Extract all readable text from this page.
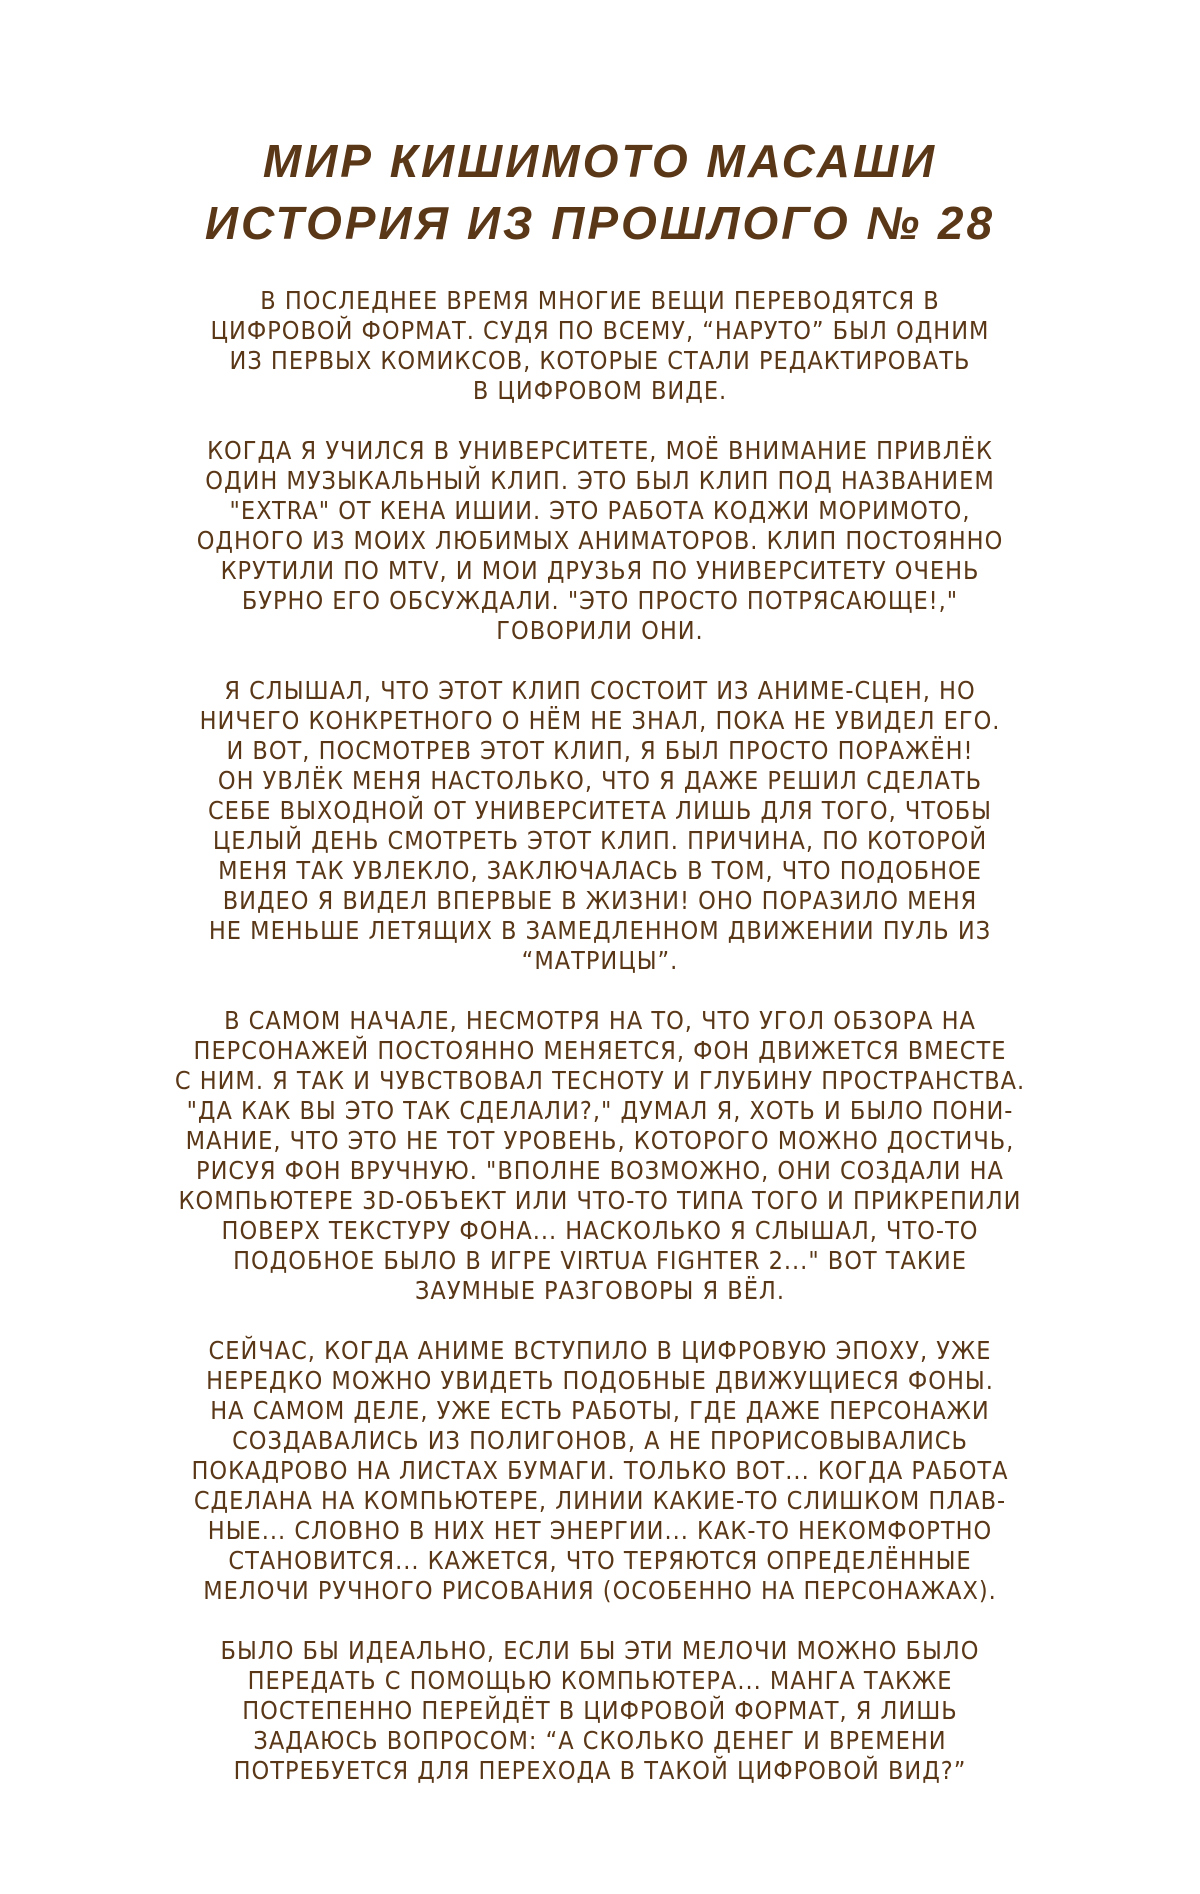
МИР КИШИМОТО МАСАШИ
ИСТОРИЯ ИЗ ПРОШЛОГО № 28
В ПОСЛЕДНЕЕ ВРЕМЯ МНОГИЕ ВЕЩИ ПЕРЕВОДЯТСЯ В
ЦИФРОВОЙ ФОРМАТ. СУДЯ ПО ВСЕМУ, “НАРУТО” БЫЛ ОДНИМ
ИЗ ПЕРВЫХ КОМИКСОВ, КОТОРЫЕ СТАЛИ РЕДАКТИРОВАТЬ
В ЦИФРОВОМ ВИДЕ.
КОГДА Я УЧИЛСЯ В УНИВЕРСИТЕТЕ, МОЁ ВНИМАНИЕ ПРИВЛЁК
ОДИН МУЗЫКАЛЬНЫЙ КЛИП. ЭТО БЫЛ КЛИП ПОД НАЗВАНИЕМ
"EXTRA" ОТ КЕНА ИШИИ. ЭТО РАБОТА КОДЖИ МОРИМОТО,
ОДНОГО ИЗ МОИХ ЛЮБИМЫХ АНИМАТОРОВ. КЛИП ПОСТОЯННО
КРУТИЛИ ПО MTV, И МОИ ДРУЗЬЯ ПО УНИВЕРСИТЕТУ ОЧЕНЬ
БУРНО ЕГО ОБСУЖДАЛИ. "ЭТО ПРОСТО ПОТРЯСАЮЩЕ!,"
ГОВОРИЛИ ОНИ.
Я СЛЫШАЛ, ЧТО ЭТОТ КЛИП СОСТОИТ ИЗ АНИМЕ-СЦЕН, НО
НИЧЕГО КОНКРЕТНОГО О НЁМ НЕ ЗНАЛ, ПОКА НЕ УВИДЕЛ ЕГО.
И ВОТ, ПОСМОТРЕВ ЭТОТ КЛИП, Я БЫЛ ПРОСТО ПОРАЖЁН!
ОН УВЛЁК МЕНЯ НАСТОЛЬКО, ЧТО Я ДАЖЕ РЕШИЛ СДЕЛАТЬ
СЕБЕ ВЫХОДНОЙ ОТ УНИВЕРСИТЕТА ЛИШЬ ДЛЯ ТОГО, ЧТОБЫ
ЦЕЛЫЙ ДЕНЬ СМОТРЕТЬ ЭТОТ КЛИП. ПРИЧИНА, ПО КОТОРОЙ
МЕНЯ ТАК УВЛЕКЛО, ЗАКЛЮЧАЛАСЬ В ТОМ, ЧТО ПОДОБНОЕ
ВИДЕО Я ВИДЕЛ ВПЕРВЫЕ В ЖИЗНИ! ОНО ПОРАЗИЛО МЕНЯ
НЕ МЕНЬШЕ ЛЕТЯЩИХ В ЗАМЕДЛЕННОМ ДВИЖЕНИИ ПУЛЬ ИЗ
“МАТРИЦЫ”.
В САМОМ НАЧАЛЕ, НЕСМОТРЯ НА ТО, ЧТО УГОЛ ОБЗОРА НА
ПЕРСОНАЖЕЙ ПОСТОЯННО МЕНЯЕТСЯ, ФОН ДВИЖЕТСЯ ВМЕСТЕ
С НИМ. Я ТАК И ЧУВСТВОВАЛ ТЕСНОТУ И ГЛУБИНУ ПРОСТРАНСТВА.
"ДА КАК ВЫ ЭТО ТАК СДЕЛАЛИ?," ДУМАЛ Я, ХОТЬ И БЫЛО ПОНИ-
МАНИЕ, ЧТО ЭТО НЕ ТОТ УРОВЕНЬ, КОТОРОГО МОЖНО ДОСТИЧЬ,
РИСУЯ ФОН ВРУЧНУЮ. "ВПОЛНЕ ВОЗМОЖНО, ОНИ СОЗДАЛИ НА
КОМПЬЮТЕРЕ 3D-ОБЪЕКТ ИЛИ ЧТО-ТО ТИПА ТОГО И ПРИКРЕПИЛИ
ПОВЕРХ ТЕКСТУРУ ФОНА... НАСКОЛЬКО Я СЛЫШАЛ, ЧТО-ТО
ПОДОБНОЕ БЫЛО В ИГРЕ VIRTUA FIGHTER 2..." ВОТ ТАКИЕ
ЗАУМНЫЕ РАЗГОВОРЫ Я ВЁЛ.
СЕЙЧАС, КОГДА АНИМЕ ВСТУПИЛО В ЦИФРОВУЮ ЭПОХУ, УЖЕ
НЕРЕДКО МОЖНО УВИДЕТЬ ПОДОБНЫЕ ДВИЖУЩИЕСЯ ФОНЫ.
НА САМОМ ДЕЛЕ, УЖЕ ЕСТЬ РАБОТЫ, ГДЕ ДАЖЕ ПЕРСОНАЖИ
СОЗДАВАЛИСЬ ИЗ ПОЛИГОНОВ, А НЕ ПРОРИСОВЫВАЛИСЬ
ПОКАДРОВО НА ЛИСТАХ БУМАГИ. ТОЛЬКО ВОТ... КОГДА РАБОТА
СДЕЛАНА НА КОМПЬЮТЕРЕ, ЛИНИИ КАКИЕ-ТО СЛИШКОМ ПЛАВ-
НЫЕ... СЛОВНО В НИХ НЕТ ЭНЕРГИИ... КАК-ТО НЕКОМФОРТНО
СТАНОВИТСЯ... КАЖЕТСЯ, ЧТО ТЕРЯЮТСЯ ОПРЕДЕЛЁННЫЕ
МЕЛОЧИ РУЧНОГО РИСОВАНИЯ (ОСОБЕННО НА ПЕРСОНАЖАХ).
БЫЛО БЫ ИДЕАЛЬНО, ЕСЛИ БЫ ЭТИ МЕЛОЧИ МОЖНО БЫЛО
ПЕРЕДАТЬ С ПОМОЩЬЮ КОМПЬЮТЕРА... МАНГА ТАКЖЕ
ПОСТЕПЕННО ПЕРЕЙДЁТ В ЦИФРОВОЙ ФОРМАТ, Я ЛИШЬ
ЗАДАЮСЬ ВОПРОСОМ: “А СКОЛЬКО ДЕНЕГ И ВРЕМЕНИ
ПОТРЕБУЕТСЯ ДЛЯ ПЕРЕХОДА В ТАКОЙ ЦИФРОВОЙ ВИД?”
